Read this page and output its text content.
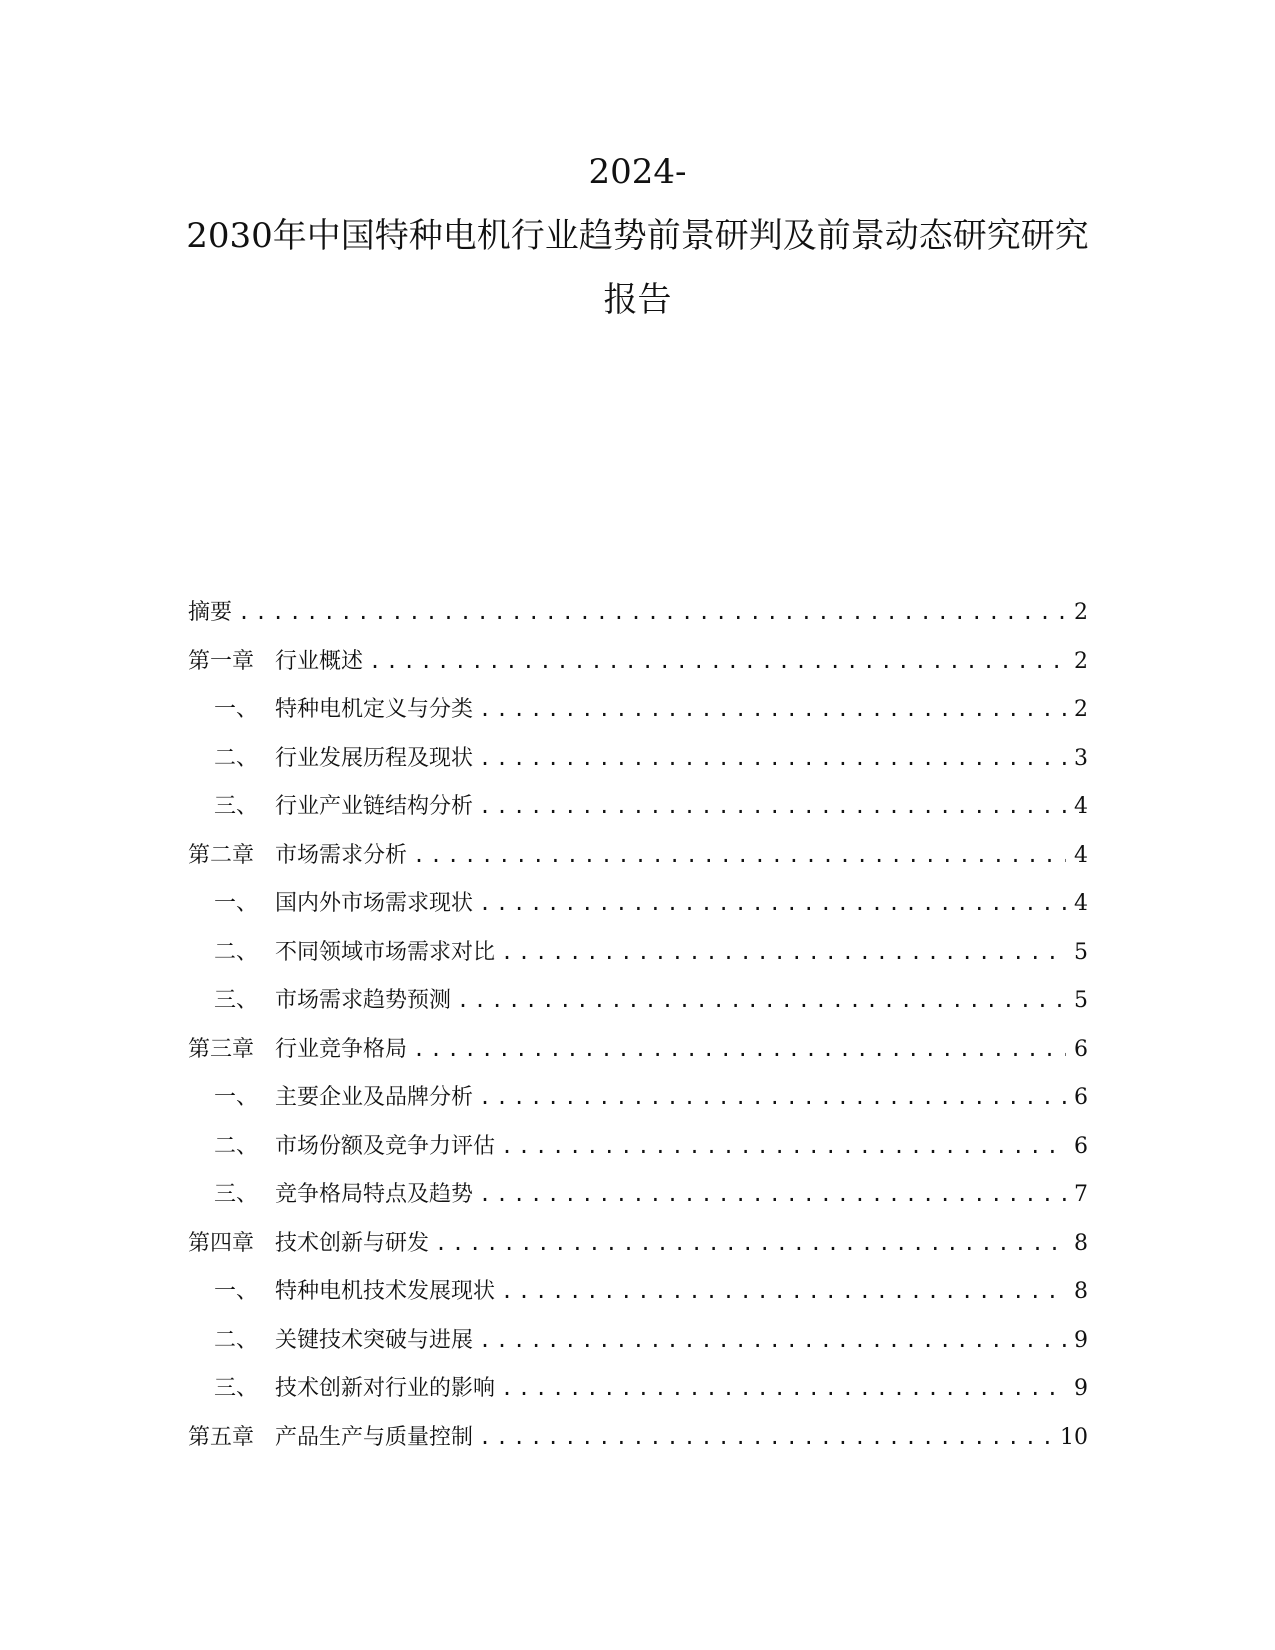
2024-
2030年中国特种电机行业趋势前景研判及前景动态研究研究
报告
摘要 .....	2
第一章 行业概述 .....	2
一、 特种电机定义与分类 .....	2
二、 行业发展历程及现状 .....	3
三、 行业产业链结构分析 .....	4
第二章 市场需求分析 .....	4
一、 国内外市场需求现状 .....	4
二、 不同领域市场需求对比 .....	5
三、 市场需求趋势预测 .....	5
第三章 行业竞争格局 .....	6
一、 主要企业及品牌分析 .....	6
二、 市场份额及竞争力评估 .....	6
三、 竞争格局特点及趋势 .....	7
第四章 技术创新与研发 .....	8
一、 特种电机技术发展现状 .....	8
二、 关键技术突破与进展 .....	9
三、 技术创新对行业的影响 .....	9
第五章 产品生产与质量控制 .....	10
